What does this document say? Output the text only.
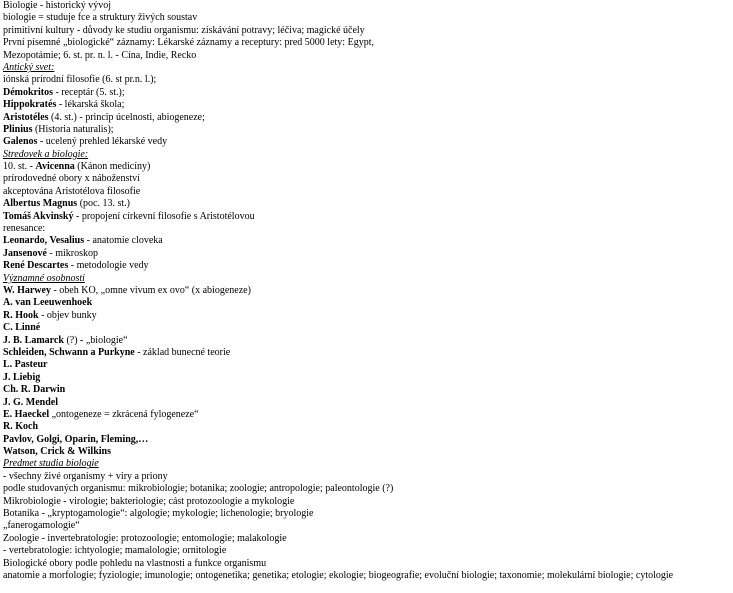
Biologie - historický vývoj
biologie = studuje fce a struktury živých soustav
primitivní kultury - důvody ke studiu organismu: získávání potravy; léčiva; magické účely
První písemné „biologické“ záznamy: Lékarské záznamy a receptury: pred 5000 lety: Egypt,
Mezopotámie; 6. st. pr. n. l. - Cína, Indie, Recko
Antický svet:
iónská prírodní filosofie (6. st pr.n. l.);
Démokritos - receptár (5. st.);
Hippokratés - lékarská škola;
Aristotéles (4. st.) - princip úcelnosti, abiogeneze;
Plinius (Historia naturalis);
Galenos - ucelený prehled lékarské vedy
Stredovek a biologie:
10. st. - Avicenna (Kánon medicíny)
prírodovedné obory x náboženství
akceptována Aristotélova filosofie
Albertus Magnus (poc. 13. st.)
Tomáš Akvinský - propojení církevní filosofie s Aristotélovou
renesance:
Leonardo, Vesalius - anatomie cloveka
Jansenové - mikroskop
René Descartes - metodologie vedy
Významné osobnosti
W. Harwey - obeh KO, „omne vivum ex ovo“ (x abiogeneze)
A. van Leeuwenhoek
R. Hook - objev bunky
C. Linné
J. B. Lamarck (?) - „biologie“
Schleiden, Schwann a Purkyne - základ bunecné teorie
L. Pasteur
J. Liebig
Ch. R. Darwin
J. G. Mendel
E. Haeckel „ontogeneze = zkrácená fylogeneze“
R. Koch
Pavlov, Golgi, Oparin, Fleming,…
Watson, Crick & Wilkins
Predmet studia biologie
- všechny živé organismy + viry a priony
podle studovaných organismu: mikrobiologie; botanika; zoologie; antropologie; paleontologie (?)
Mikrobiologie - virologie; bakteriologie; cást protozoologie a mykologie
Botanika - „kryptogamologie“: algologie; mykologie; lichenologie; bryologie
„fanerogamologie“
Zoologie - invertebratologie: protozoologie; entomologie; malakologie
- vertebratologie: ichtyologie; mamalologie; ornitologie
Biologické obory podle pohledu na vlastnosti a funkce organismu
anatomie a morfologie; fyziologie; imunologie; ontogenetika; genetika; etologie; ekologie; biogeografie; evoluční biologie; taxonomie; molekulární biologie; cytologie
